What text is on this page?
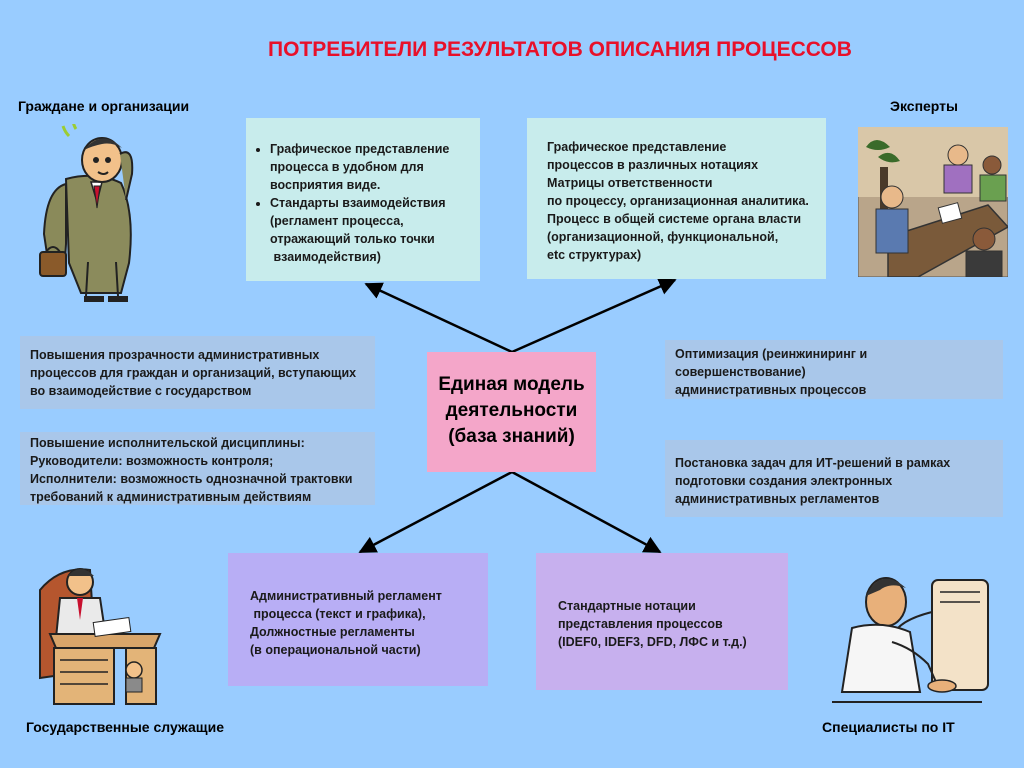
ПОТРЕБИТЕЛИ РЕЗУЛЬТАТОВ ОПИСАНИЯ ПРОЦЕССОВ
Граждане и организации	Эксперты
Государственные служащие	Специалисты по IT
Единая модель
деятельности
(база знаний)
• Графическое представление
процесса в удобном для
восприятия виде.
• Стандарты взаимодействия
(регламент процесса,
отражающий только точки
взаимодействия)
Графическое представление
процессов в различных нотациях
Матрицы ответственности
по процессу, организационная аналитика.
Процесс в общей системе органа власти
(организационной, функциональной,
etc структурах)
Повышения прозрачности административных
процессов для граждан и организаций, вступающих
во взаимодействие с государством
Повышение исполнительской дисциплины:
Руководители: возможность контроля;
Исполнители: возможность однозначной трактовки
требований к административным действиям
Оптимизация (реинжиниринг и
совершенствование)
административных процессов
Постановка задач для ИТ-решений в рамках
подготовки создания электронных
административных регламентов
Административный регламент
процесса (текст и графика),
Должностные регламенты
(в операциональной части)
Стандартные нотации
представления процессов
(IDEF0, IDEF3, DFD, ЛФС и т.д.)
